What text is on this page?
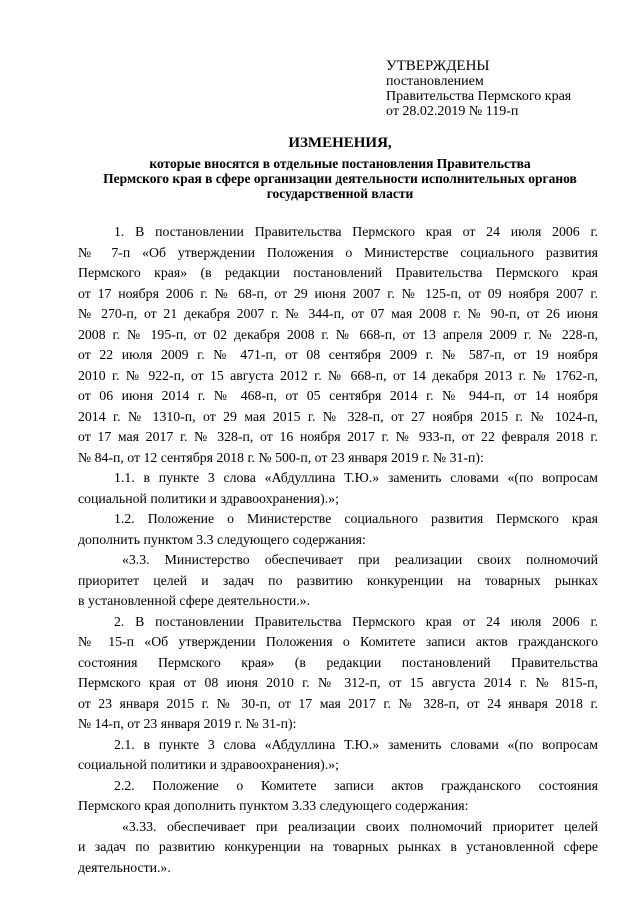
УТВЕРЖДЕНЫ
постановлением
Правительства Пермского края
от 28.02.2019 № 119-п
ИЗМЕНЕНИЯ,
которые вносятся в отдельные постановления Правительства
Пермского края в сфере организации деятельности исполнительных органов
государственной власти
1. В постановлении Правительства Пермского края от 24 июля 2006 г.
№ 7-п «Об утверждении Положения о Министерстве социального развития
Пермского края» (в редакции постановлений Правительства Пермского края
от 17 ноября 2006 г. № 68-п, от 29 июня 2007 г. № 125-п, от 09 ноября 2007 г.
№ 270-п, от 21 декабря 2007 г. № 344-п, от 07 мая 2008 г. № 90-п, от 26 июня
2008 г. № 195-п, от 02 декабря 2008 г. № 668-п, от 13 апреля 2009 г. № 228-п,
от 22 июля 2009 г. № 471-п, от 08 сентября 2009 г. № 587-п, от 19 ноября
2010 г. № 922-п, от 15 августа 2012 г. № 668-п, от 14 декабря 2013 г. № 1762-п,
от 06 июня 2014 г. № 468-п, от 05 сентября 2014 г. № 944-п, от 14 ноября
2014 г. № 1310-п, от 29 мая 2015 г. № 328-п, от 27 ноября 2015 г. № 1024-п,
от 17 мая 2017 г. № 328-п, от 16 ноября 2017 г. № 933-п, от 22 февраля 2018 г.
№ 84-п, от 12 сентября 2018 г. № 500-п, от 23 января 2019 г. № 31-п):
1.1. в пункте 3 слова «Абдуллина Т.Ю.» заменить словами «(по вопросам
социальной политики и здравоохранения).»;
1.2. Положение о Министерстве социального развития Пермского края
дополнить пунктом 3.3 следующего содержания:
«3.3. Министерство обеспечивает при реализации своих полномочий
приоритет целей и задач по развитию конкуренции на товарных рынках
в установленной сфере деятельности.».
2. В постановлении Правительства Пермского края от 24 июля 2006 г.
№ 15-п «Об утверждении Положения о Комитете записи актов гражданского
состояния Пермского края» (в редакции постановлений Правительства
Пермского края от 08 июня 2010 г. № 312-п, от 15 августа 2014 г. № 815-п,
от 23 января 2015 г. № 30-п, от 17 мая 2017 г. № 328-п, от 24 января 2018 г.
№ 14-п, от 23 января 2019 г. № 31-п):
2.1. в пункте 3 слова «Абдуллина Т.Ю.» заменить словами «(по вопросам
социальной политики и здравоохранения).»;
2.2. Положение о Комитете записи актов гражданского состояния
Пермского края дополнить пунктом 3.33 следующего содержания:
«3.33. обеспечивает при реализации своих полномочий приоритет целей
и задач по развитию конкуренции на товарных рынках в установленной сфере
деятельности.».
